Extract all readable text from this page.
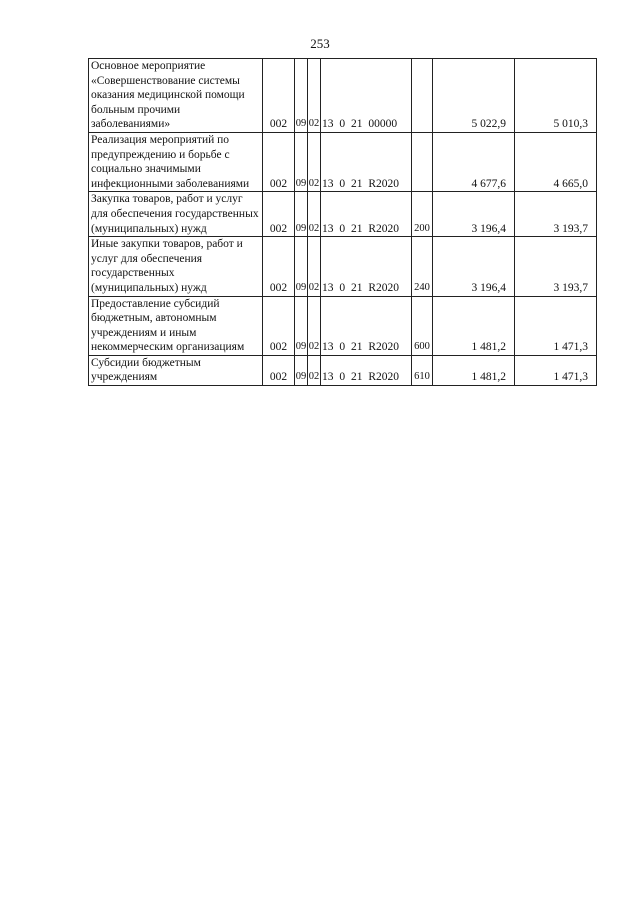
253
Основное мероприятие «Совершенствование системы оказания медицинской помощи больным прочими заболеваниями»	002	09	02	13 0 21 00000		5 022,9	5 010,3
Реализация мероприятий по предупреждению и борьбе с социально значимыми инфекционными заболеваниями	002	09	02	13 0 21 R2020		4 677,6	4 665,0
Закупка товаров, работ и услуг для обеспечения государственных (муниципальных) нужд	002	09	02	13 0 21 R2020	200	3 196,4	3 193,7
Иные закупки товаров, работ и услуг для обеспечения государственных (муниципальных) нужд	002	09	02	13 0 21 R2020	240	3 196,4	3 193,7
Предоставление субсидий бюджетным, автономным учреждениям и иным некоммерческим организациям	002	09	02	13 0 21 R2020	600	1 481,2	1 471,3
Субсидии бюджетным учреждениям	002	09	02	13 0 21 R2020	610	1 481,2	1 471,3
